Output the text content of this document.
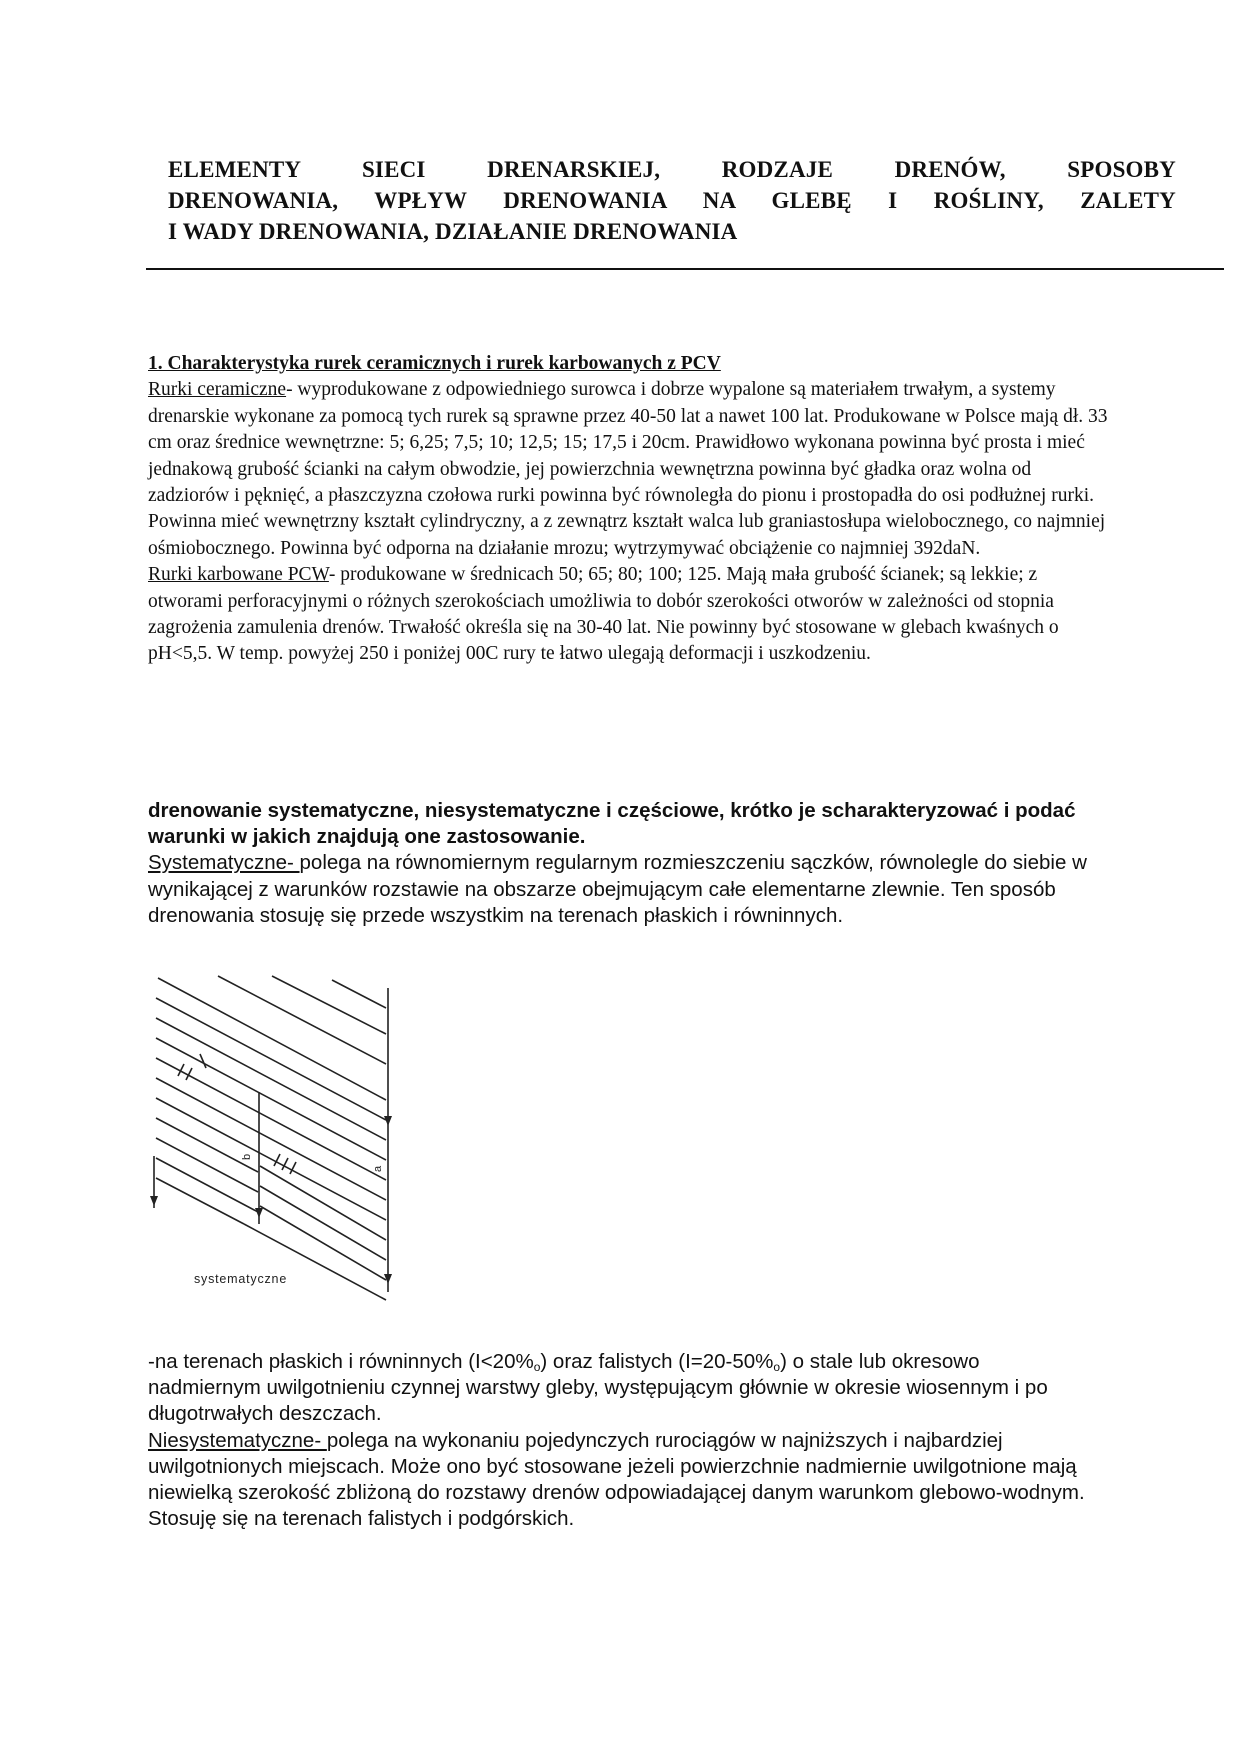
ELEMENTY SIECI DRENARSKIEJ, RODZAJE DRENÓW, SPOSOBY
DRENOWANIA, WPŁYW DRENOWANIA NA GLEBĘ I ROŚLINY, ZALETY
I WADY DRENOWANIA, DZIAŁANIE DRENOWANIA

1. Charakterystyka rurek ceramicznych i rurek karbowanych z PCV

Rurki ceramiczne- wyprodukowane z odpowiedniego surowca i dobrze wypalone są materiałem trwałym, a systemy drenarskie wykonane za pomocą tych rurek są sprawne przez 40-50 lat a nawet 100 lat. Produkowane w Polsce mają dł. 33 cm oraz średnice wewnętrzne: 5; 6,25; 7,5; 10; 12,5; 15; 17,5 i 20cm. Prawidłowo wykonana powinna być prosta i mieć jednakową grubość ścianki na całym obwodzie, jej powierzchnia wewnętrzna powinna być gładka oraz wolna od zadziorów i pęknięć, a płaszczyzna czołowa rurki powinna być równoległa do pionu i prostopadła do osi podłużnej rurki. Powinna mieć wewnętrzny kształt cylindryczny, a z zewnątrz kształt walca lub graniastosłupa wielobocznego, co najmniej ośmiobocznego. Powinna być odporna na działanie mrozu; wytrzymywać obciążenie co najmniej 392daN.

Rurki karbowane PCW- produkowane w średnicach 50; 65; 80; 100; 125. Mają mała grubość ścianek; są lekkie; z otworami perforacyjnymi o różnych szerokościach umożliwia to dobór szerokości otworów w zależności od stopnia zagrożenia zamulenia drenów. Trwałość określa się na 30-40 lat. Nie powinny być stosowane w glebach kwaśnych o pH<5,5. W temp. powyżej 250 i poniżej 00C rury te łatwo ulegają deformacji i uszkodzeniu.

drenowanie systematyczne, niesystematyczne i częściowe, krótko je scharakteryzować i podać warunki w jakich znajdują one zastosowanie.

Systematyczne- polega na równomiernym regularnym rozmieszczeniu sączków, równolegle do siebie w wynikającej z warunków rozstawie na obszarze obejmującym całe elementarne zlewnie. Ten sposób drenowania stosuję się przede wszystkim na terenach płaskich i równinnych.

a
b
systematyczne

-na terenach płaskich i równinnych $(I<20\%_o)$ oraz falistych $(I=20-50\%_o)$ o stale lub okresowo nadmiernym uwilgotnieniu czynnej warstwy gleby, występującym głównie w okresie wiosennym i po długotrwałych deszczach.

Niesystematyczne- polega na wykonaniu pojedynczych rurociągów w najniższych i najbardziej uwilgotnionych miejscach. Może ono być stosowane jeżeli powierzchnie nadmiernie uwilgotnione mają niewielką szerokość zbliżoną do rozstawy drenów odpowiadającej danym warunkom glebowo-wodnym. Stosuję się na terenach falistych i podgórskich.
